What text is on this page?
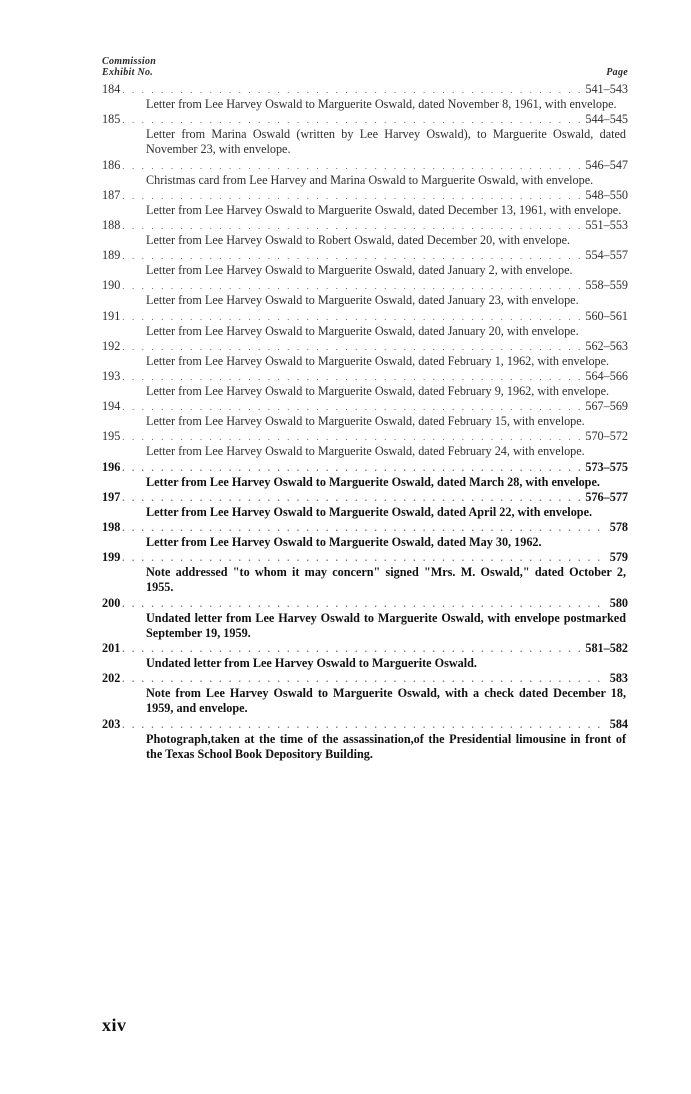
Commission
Exhibit No.	Page
184 . . .	541–543
Letter from Lee Harvey Oswald to Marguerite Oswald, dated November 8, 1961, with envelope.
185 . . .	544–545
Letter from Marina Oswald (written by Lee Harvey Oswald), to Marguerite Oswald, dated November 23, with envelope.
186 . . .	546–547
Christmas card from Lee Harvey and Marina Oswald to Marguerite Oswald, with envelope.
187 . . .	548–550
Letter from Lee Harvey Oswald to Marguerite Oswald, dated December 13, 1961, with envelope.
188 . . .	551–553
Letter from Lee Harvey Oswald to Robert Oswald, dated December 20, with envelope.
189 . . .	554–557
Letter from Lee Harvey Oswald to Marguerite Oswald, dated January 2, with envelope.
190 . . .	558–559
Letter from Lee Harvey Oswald to Marguerite Oswald, dated January 23, with envelope.
191 . . .	560–561
Letter from Lee Harvey Oswald to Marguerite Oswald, dated January 20, with envelope.
192 . . .	562–563
Letter from Lee Harvey Oswald to Marguerite Oswald, dated February 1, 1962, with envelope.
193 . . .	564–566
Letter from Lee Harvey Oswald to Marguerite Oswald, dated February 9, 1962, with envelope.
194 . . .	567–569
Letter from Lee Harvey Oswald to Marguerite Oswald, dated February 15, with envelope.
195 . . .	570–572
Letter from Lee Harvey Oswald to Marguerite Oswald, dated February 24, with envelope.
196 . . .	573–575
Letter from Lee Harvey Oswald to Marguerite Oswald, dated March 28, with envelope.
197 . . .	576–577
Letter from Lee Harvey Oswald to Marguerite Oswald, dated April 22, with envelope.
198 . . .	578
Letter from Lee Harvey Oswald to Marguerite Oswald, dated May 30, 1962.
199 . . .	579
Note addressed "to whom it may concern" signed "Mrs. M. Oswald," dated October 2, 1955.
200 . . .	580
Undated letter from Lee Harvey Oswald to Marguerite Oswald, with envelope postmarked September 19, 1959.
201 . . .	581–582
Undated letter from Lee Harvey Oswald to Marguerite Oswald.
202 . . .	583
Note from Lee Harvey Oswald to Marguerite Oswald, with a check dated December 18, 1959, and envelope.
203 . . .	584
Photograph,taken at the time of the assassination,of the Presidential limousine in front of the Texas School Book Depository Building.
xiv
